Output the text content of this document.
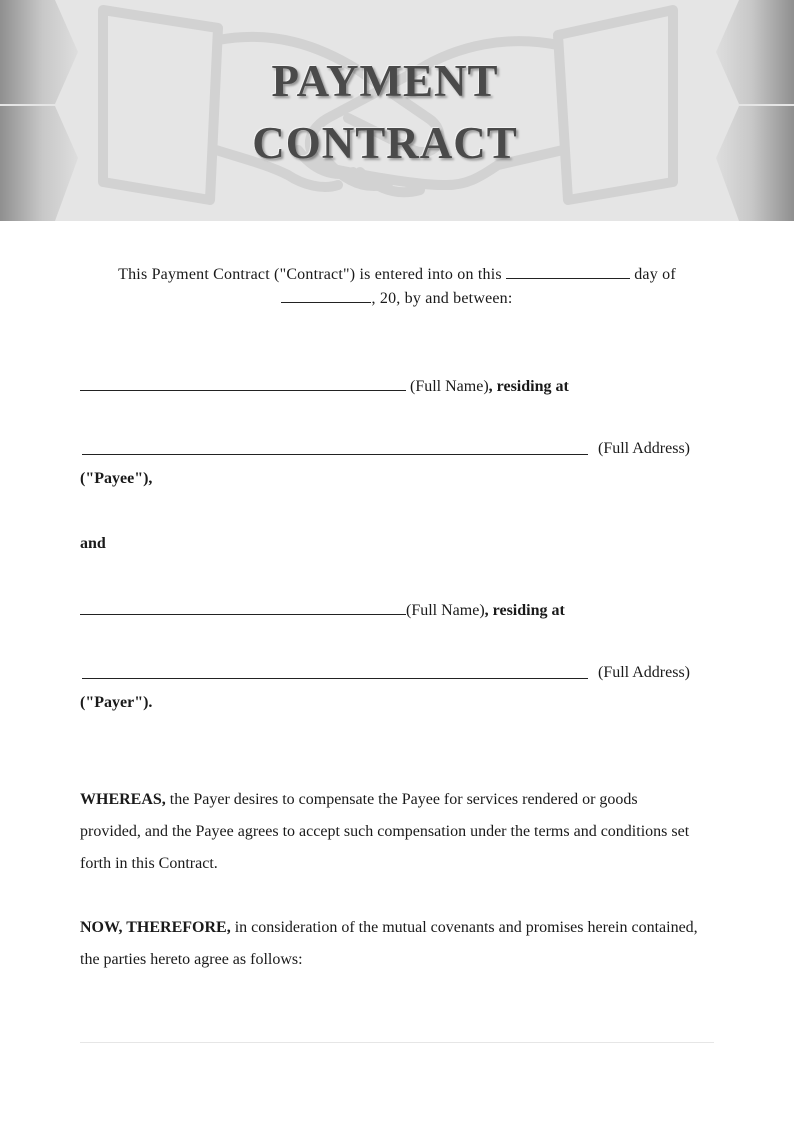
PAYMENT
CONTRACT

This Payment Contract ("Contract") is entered into on this	day of
, 20, by and between:

(Full Name), residing at
(Full Address)
("Payee"),
and
(Full Name), residing at
(Full Address)
("Payer").

WHEREAS, the Payer desires to compensate the Payee for services rendered or goods provided, and the Payee agrees to accept such compensation under the terms and conditions set forth in this Contract.

NOW, THEREFORE, in consideration of the mutual covenants and promises herein contained, the parties hereto agree as follows:
